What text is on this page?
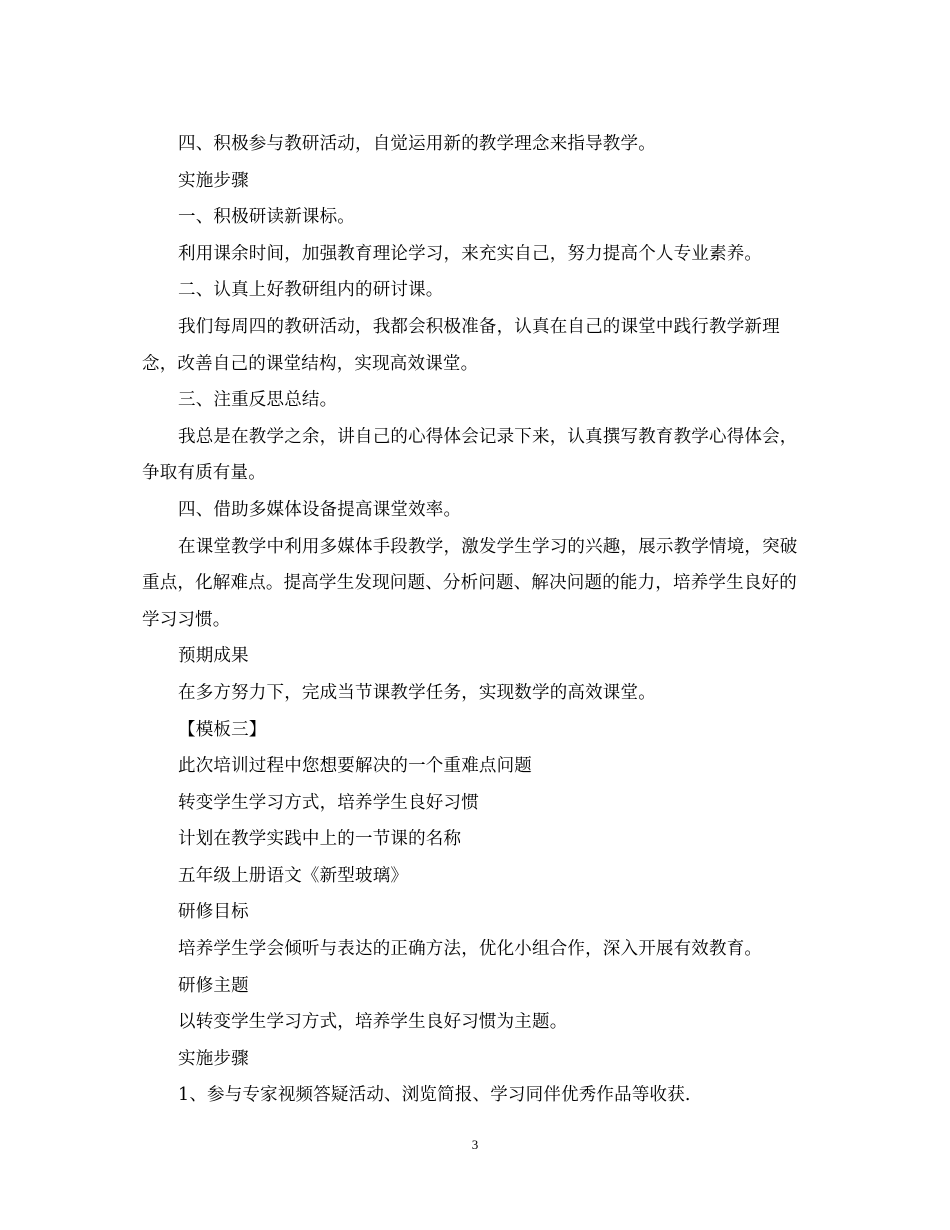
四、积极参与教研活动，自觉运用新的教学理念来指导教学。

实施步骤

一、积极研读新课标。

利用课余时间，加强教育理论学习，来充实自己，努力提高个人专业素养。

二、认真上好教研组内的研讨课。

我们每周四的教研活动，我都会积极准备，认真在自己的课堂中践行教学新理念，改善自己的课堂结构，实现高效课堂。

三、注重反思总结。

我总是在教学之余，讲自己的心得体会记录下来，认真撰写教育教学心得体会，争取有质有量。

四、借助多媒体设备提高课堂效率。

在课堂教学中利用多媒体手段教学，激发学生学习的兴趣，展示教学情境，突破重点，化解难点。提高学生发现问题、分析问题、解决问题的能力，培养学生良好的学习习惯。

预期成果

在多方努力下，完成当节课教学任务，实现数学的高效课堂。

【模板三】

此次培训过程中您想要解决的一个重难点问题

转变学生学习方式，培养学生良好习惯

计划在教学实践中上的一节课的名称

五年级上册语文《新型玻璃》

研修目标

培养学生学会倾听与表达的正确方法，优化小组合作，深入开展有效教育。

研修主题

以转变学生学习方式，培养学生良好习惯为主题。

实施步骤

1、参与专家视频答疑活动、浏览简报、学习同伴优秀作品等收获.

3
